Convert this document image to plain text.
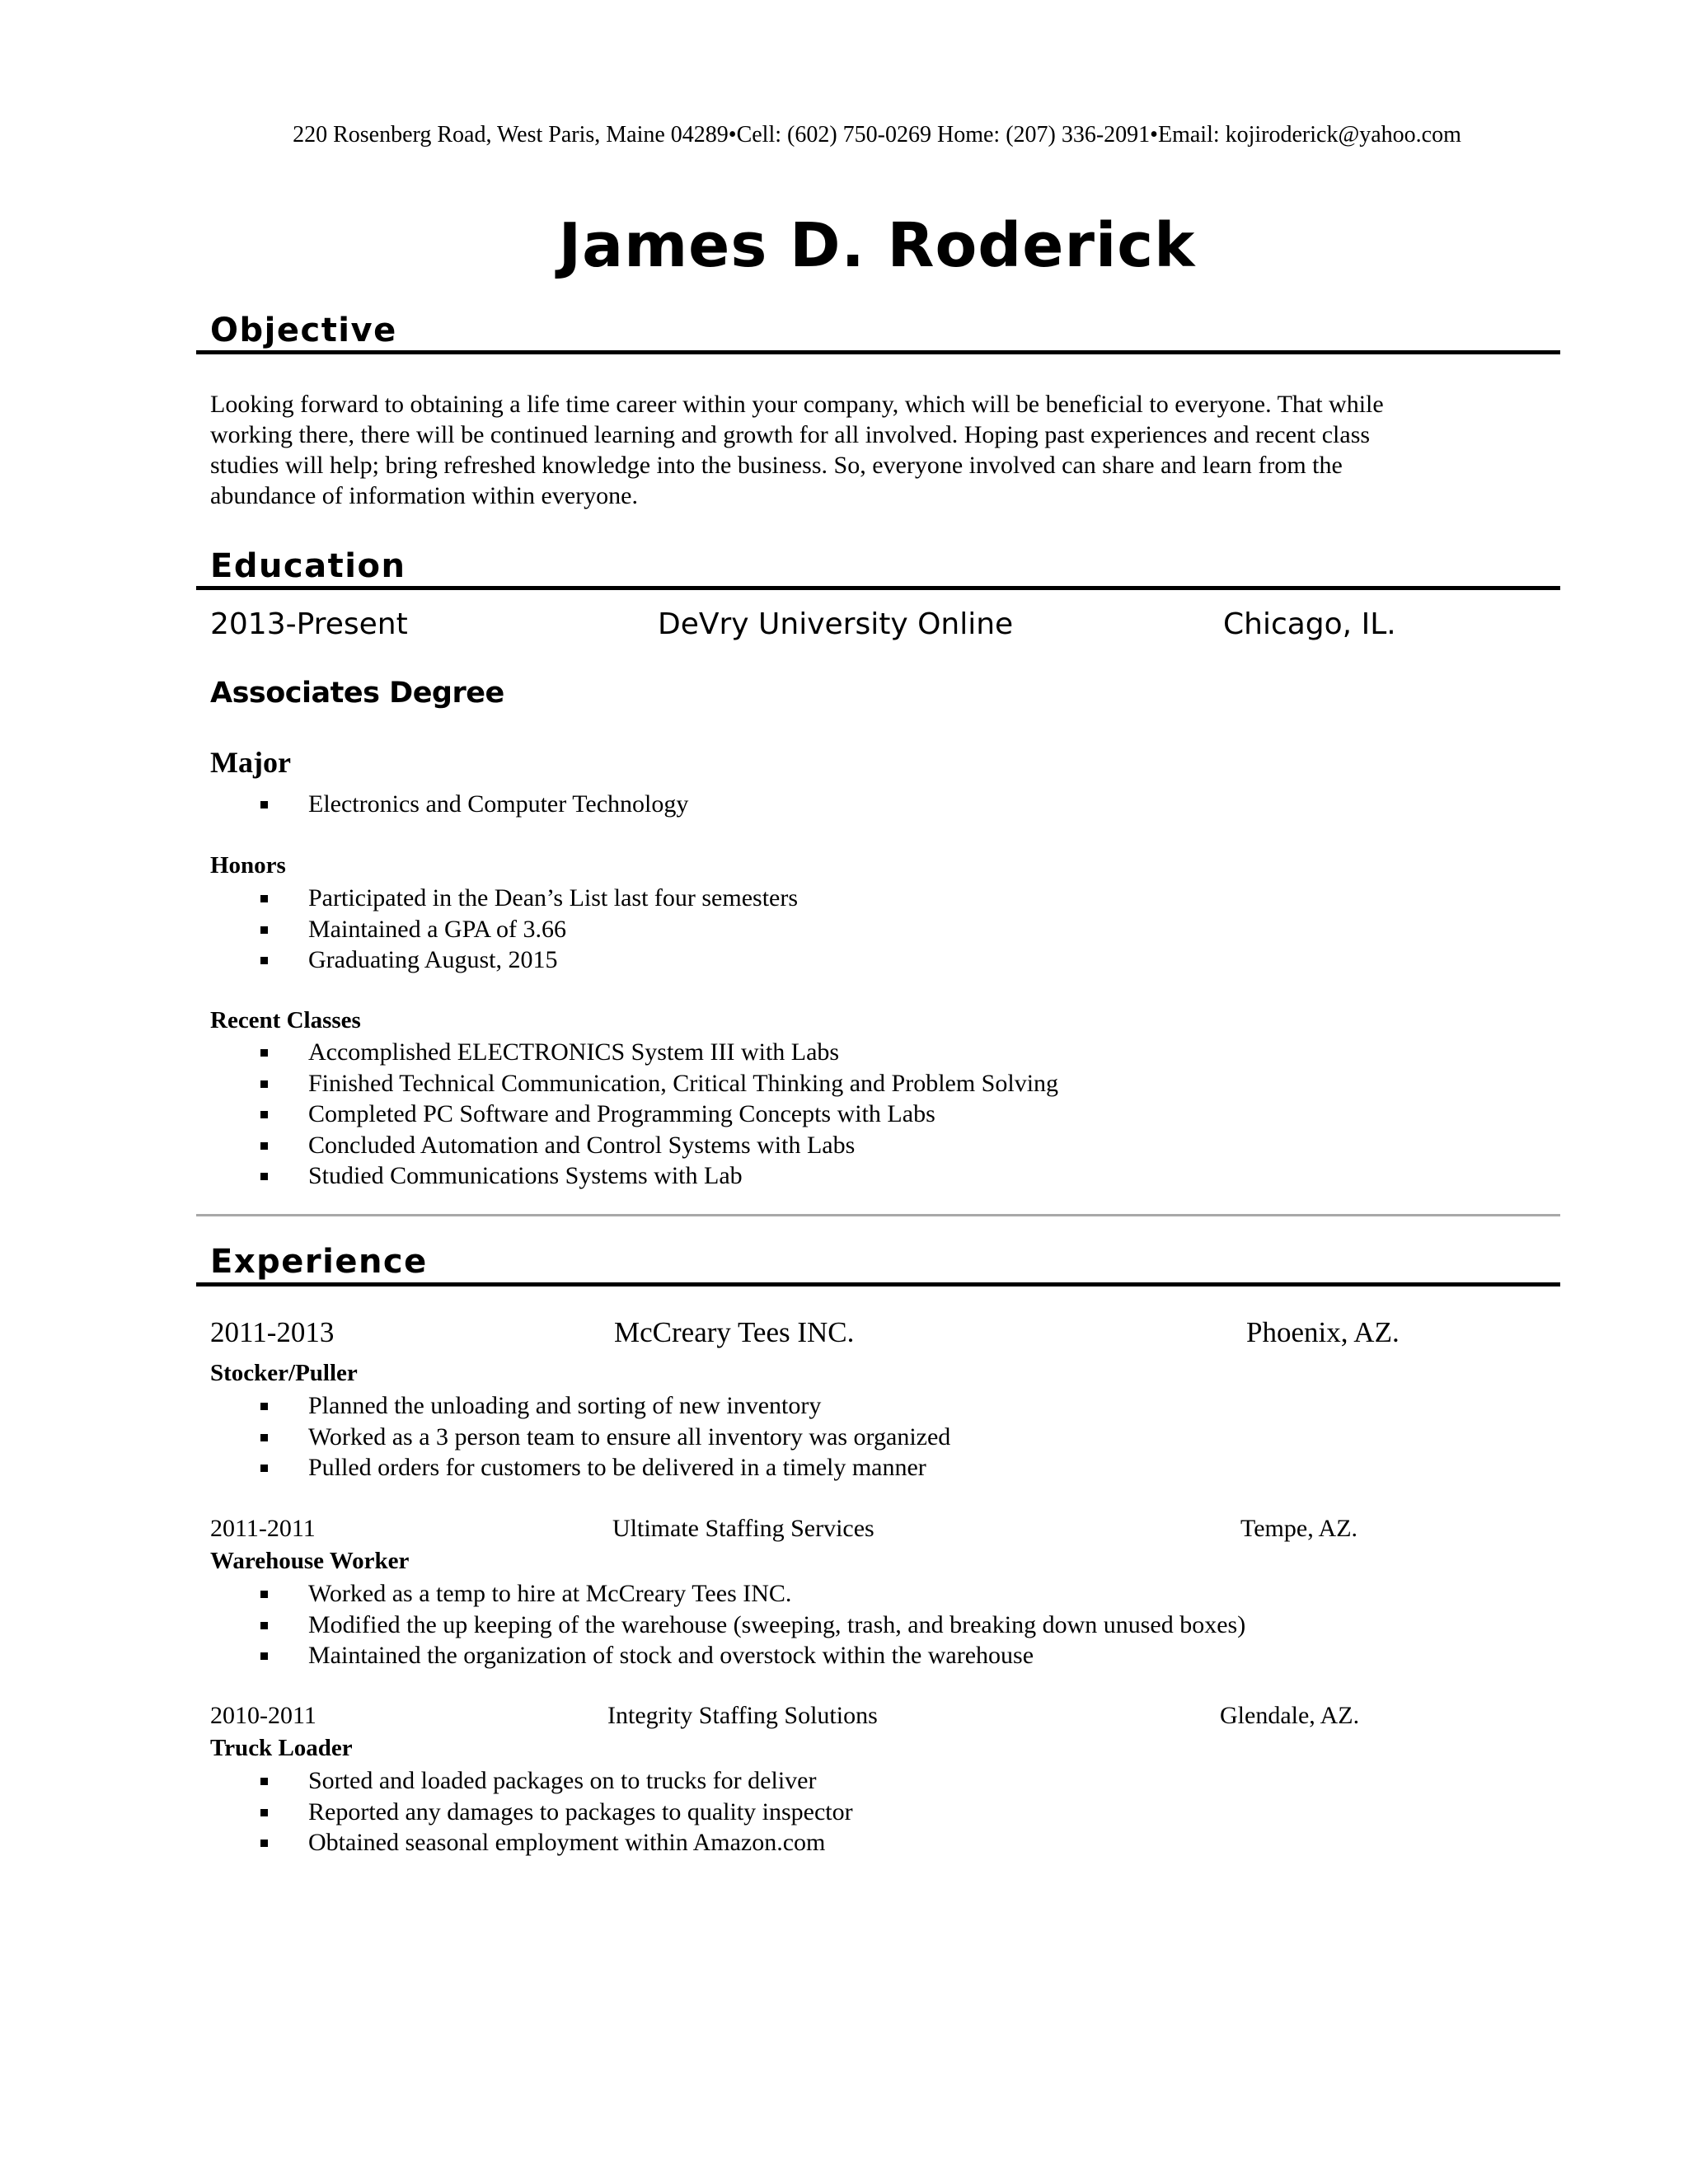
220 Rosenberg Road, West Paris, Maine 04289•Cell: (602) 750-0269 Home: (207) 336-2091•Email: kojiroderick@yahoo.com
James D. Roderick
Objective
Looking forward to obtaining a life time career within your company, which will be beneficial to everyone. That while
working there, there will be continued learning and growth for all involved. Hoping past experiences and recent class
studies will help; bring refreshed knowledge into the business. So, everyone involved can share and learn from the
abundance of information within everyone.
Education
2013-Present	DeVry University Online	Chicago, IL.
Associates Degree
Major
Electronics and Computer Technology
Honors
Participated in the Dean’s List last four semesters
Maintained a GPA of 3.66
Graduating August, 2015
Recent Classes
Accomplished ELECTRONICS System III with Labs
Finished Technical Communication, Critical Thinking and Problem Solving
Completed PC Software and Programming Concepts with Labs
Concluded Automation and Control Systems with Labs
Studied Communications Systems with Lab
Experience
2011-2013	McCreary Tees INC.	Phoenix, AZ.
Stocker/Puller
Planned the unloading and sorting of new inventory
Worked as a 3 person team to ensure all inventory was organized
Pulled orders for customers to be delivered in a timely manner
2011-2011	Ultimate Staffing Services	Tempe, AZ.
Warehouse Worker
Worked as a temp to hire at McCreary Tees INC.
Modified the up keeping of the warehouse (sweeping, trash, and breaking down unused boxes)
Maintained the organization of stock and overstock within the warehouse
2010-2011	Integrity Staffing Solutions	Glendale, AZ.
Truck Loader
Sorted and loaded packages on to trucks for deliver
Reported any damages to packages to quality inspector
Obtained seasonal employment within Amazon.com
